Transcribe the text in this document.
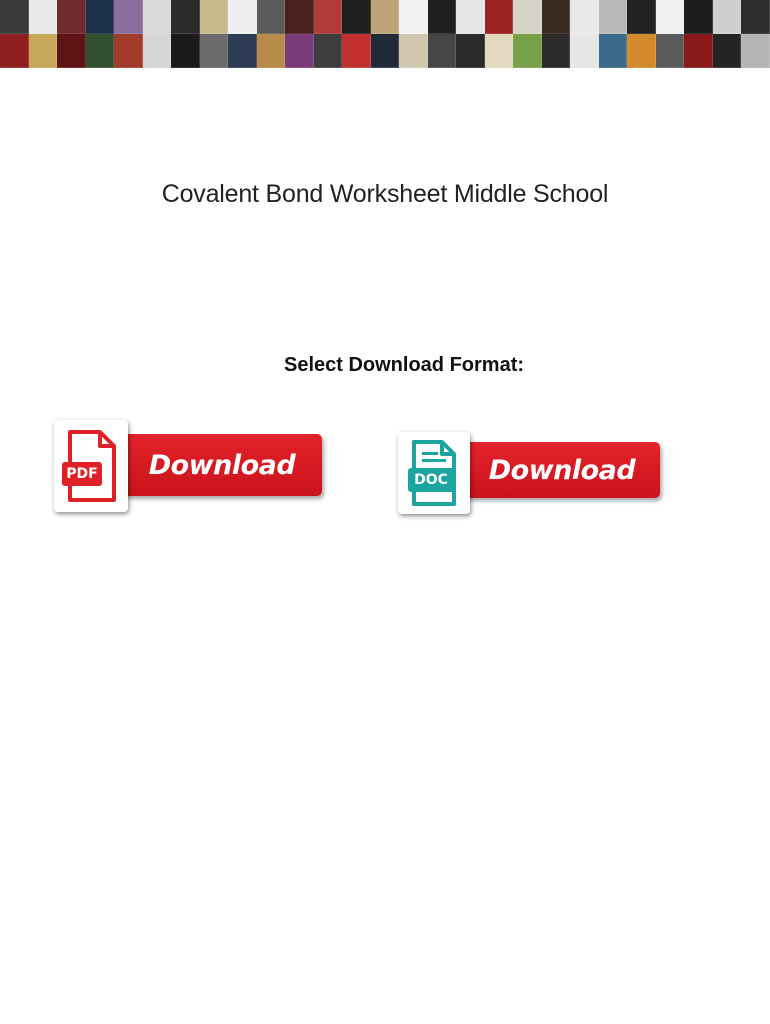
Covalent Bond Worksheet Middle School
Select Download Format:
Download
PDF	Download
DOC
